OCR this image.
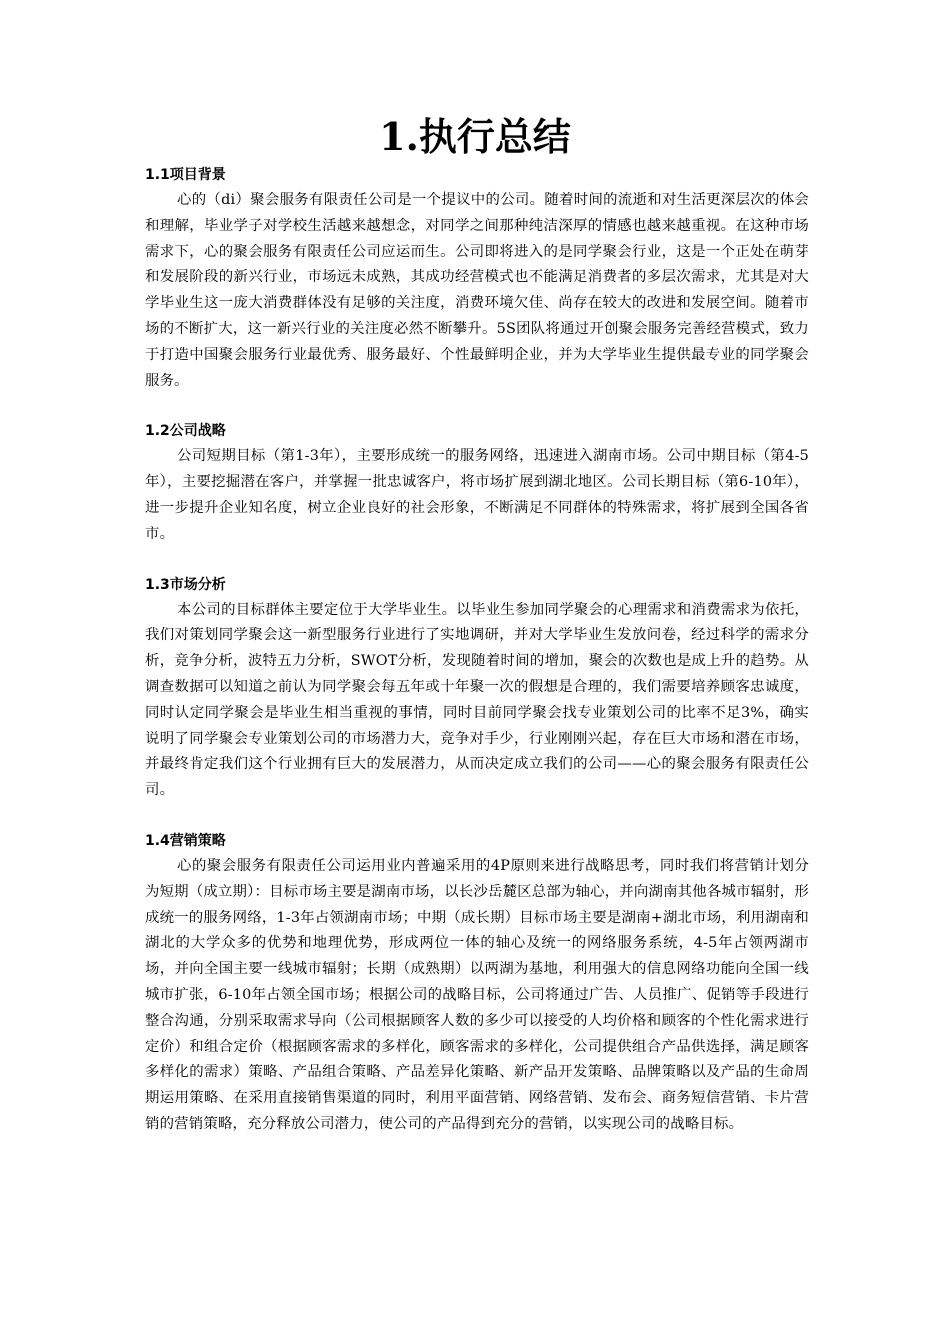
1.执行总结
1.1项目背景

心的（di）聚会服务有限责任公司是一个提议中的公司。随着时间的流逝和对生活更深层次的体会和理解，毕业学子对学校生活越来越想念，对同学之间那种纯洁深厚的情感也越来越重视。在这种市场需求下，心的聚会服务有限责任公司应运而生。公司即将进入的是同学聚会行业，这是一个正处在萌芽和发展阶段的新兴行业，市场远未成熟，其成功经营模式也不能满足消费者的多层次需求，尤其是对大学毕业生这一庞大消费群体没有足够的关注度，消费环境欠佳、尚存在较大的改进和发展空间。随着市场的不断扩大，这一新兴行业的关注度必然不断攀升。5S团队将通过开创聚会服务完善经营模式，致力于打造中国聚会服务行业最优秀、服务最好、个性最鲜明企业，并为大学毕业生提供最专业的同学聚会服务。

1.2公司战略

公司短期目标（第1-3年），主要形成统一的服务网络，迅速进入湖南市场。公司中期目标（第4-5年），主要挖掘潜在客户，并掌握一批忠诚客户，将市场扩展到湖北地区。公司长期目标（第6-10年），进一步提升企业知名度，树立企业良好的社会形象，不断满足不同群体的特殊需求，将扩展到全国各省市。

1.3市场分析

本公司的目标群体主要定位于大学毕业生。以毕业生参加同学聚会的心理需求和消费需求为依托，我们对策划同学聚会这一新型服务行业进行了实地调研，并对大学毕业生发放问卷，经过科学的需求分析，竞争分析，波特五力分析，SWOT分析，发现随着时间的增加，聚会的次数也是成上升的趋势。从调查数据可以知道之前认为同学聚会每五年或十年聚一次的假想是合理的，我们需要培养顾客忠诚度，同时认定同学聚会是毕业生相当重视的事情，同时目前同学聚会找专业策划公司的比率不足3%，确实说明了同学聚会专业策划公司的市场潜力大，竞争对手少，行业刚刚兴起，存在巨大市场和潜在市场，并最终肯定我们这个行业拥有巨大的发展潜力，从而决定成立我们的公司——心的聚会服务有限责任公司。

1.4营销策略

心的聚会服务有限责任公司运用业内普遍采用的4P原则来进行战略思考，同时我们将营销计划分为短期（成立期）：目标市场主要是湖南市场，以长沙岳麓区总部为轴心，并向湖南其他各城市辐射，形成统一的服务网络，1-3年占领湖南市场；中期（成长期）目标市场主要是湖南+湖北市场，利用湖南和湖北的大学众多的优势和地理优势，形成两位一体的轴心及统一的网络服务系统，4-5年占领两湖市场，并向全国主要一线城市辐射；长期（成熟期）以两湖为基地，利用强大的信息网络功能向全国一线城市扩张，6-10年占领全国市场；根据公司的战略目标，公司将通过广告、人员推广、促销等手段进行整合沟通，分别采取需求导向（公司根据顾客人数的多少可以接受的人均价格和顾客的个性化需求进行定价）和组合定价（根据顾客需求的多样化，顾客需求的多样化，公司提供组合产品供选择，满足顾客多样化的需求）策略、产品组合策略、产品差异化策略、新产品开发策略、品牌策略以及产品的生命周期运用策略、在采用直接销售渠道的同时，利用平面营销、网络营销、发布会、商务短信营销、卡片营销的营销策略，充分释放公司潜力，使公司的产品得到充分的营销，以实现公司的战略目标。
